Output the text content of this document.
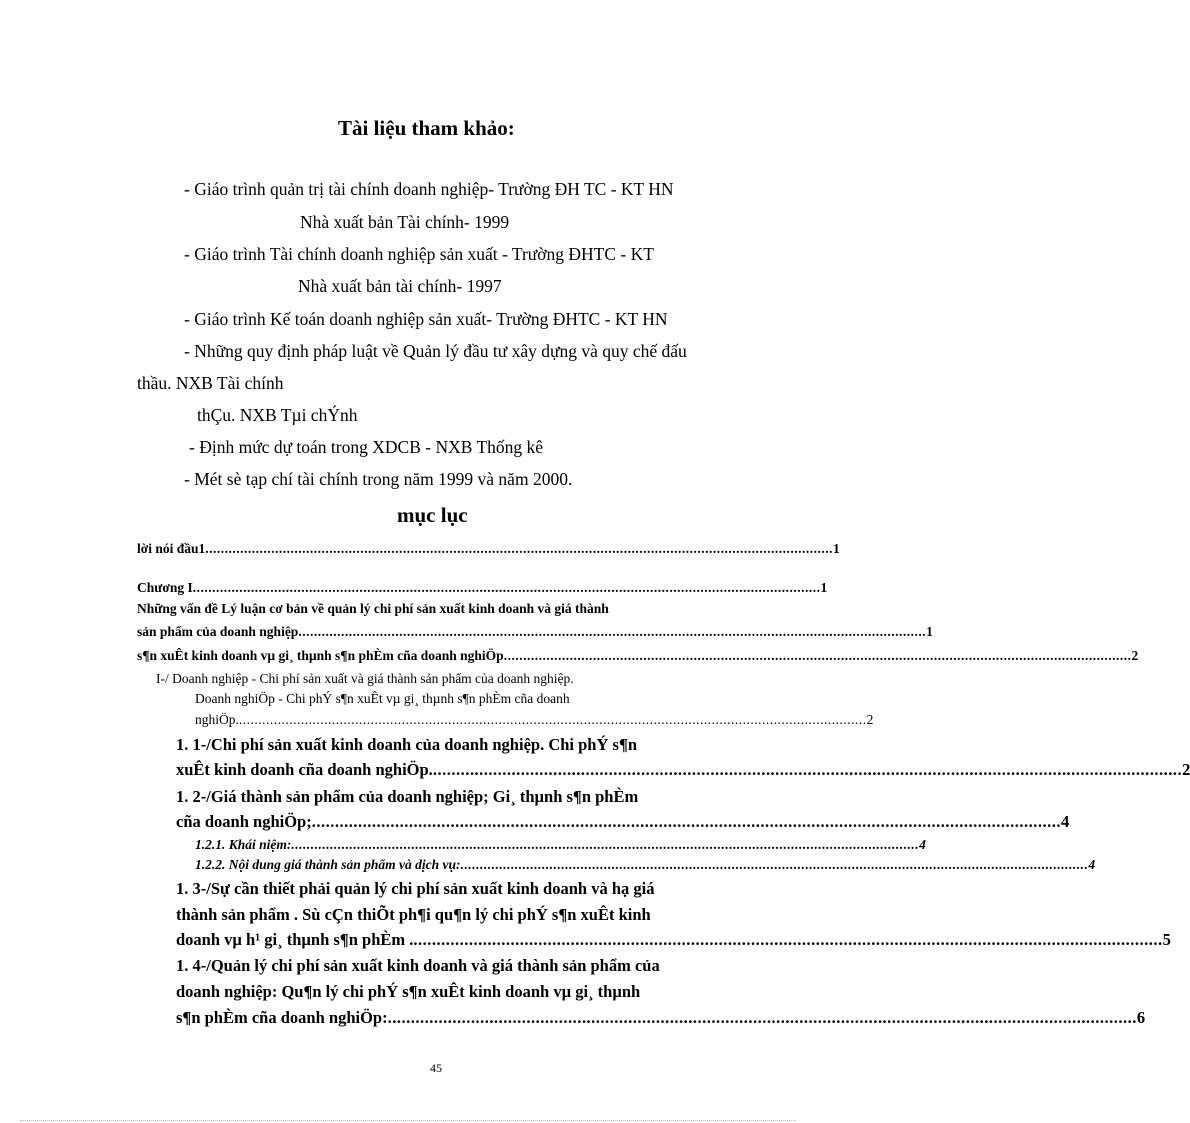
Tài liệu tham khảo:
- Giáo trình quản trị tài chính doanh nghiệp- Trường ĐH TC - KT HN
Nhà xuất bản Tài chính- 1999
- Giáo trình Tài chính doanh nghiệp sản xuất - Trường ĐHTC - KT
Nhà xuất bản tài chính- 1997
- Giáo trình Kế toán doanh nghiệp sản xuất- Trường ĐHTC - KT HN
- Những quy định pháp luật về Quản lý đầu tư xây dựng và quy chế đấu
thầu. NXB Tài chính
thÇu. NXB Tµi chÝnh
- Định mức dự toán trong XDCB - NXB Thống kê
- Mét sè tạp chí tài chính trong năm 1999 và năm 2000.
mục lục
lời nói đầu1 .................................................................................................................................................................. 1
Chương I .................................................................................................................................................................. 1
Những vấn đề Lý luận cơ bản về quản lý chi phí sản xuất kinh doanh và giá thành
sản phẩm của doanh nghiệp .................................................................................................................................................................. 1
s¶n xuÊt kinh doanh vµ gi¸ thµnh s¶n phÈm cña doanh nghiÖp .................................................................................................................................................................. 2
I-/ Doanh nghiệp - Chi phí sản xuất và giá thành sản phẩm của doanh nghiệp.
Doanh nghiÖp - Chi phÝ s¶n xuÊt vµ gi¸ thµnh s¶n phÈm cña doanh
nghiÖp. .................................................................................................................................................................. 2
1. 1-/Chi phí sản xuất kinh doanh của doanh nghiệp. Chi phÝ s¶n
xuÊt kinh doanh cña doanh nghiÖp. .................................................................................................................................................................. 2
1. 2-/Giá thành sản phẩm của doanh nghiệp; Gi¸ thµnh s¶n phÈm
cña doanh nghiÖp; .................................................................................................................................................................. 4
1.2.1. Khái niệm: .................................................................................................................................................................. 4
1.2.2. Nội dung giá thành sản phẩm và dịch vụ: .................................................................................................................................................................. 4
1. 3-/Sự cần thiết phải quản lý chi phí sản xuất kinh doanh và hạ giá
thành sản phẩm . Sù cÇn thiÕt ph¶i qu¶n lý chi phÝ s¶n xuÊt kinh
doanh vµ h¹ gi¸ thµnh s¶n phÈm . .................................................................................................................................................................. 5
1. 4-/Quản lý chi phí sản xuất kinh doanh và giá thành sản phẩm của
doanh nghiệp: Qu¶n lý chi phÝ s¶n xuÊt kinh doanh vµ gi¸ thµnh
s¶n phÈm cña doanh nghiÖp: .................................................................................................................................................................. 6
45
